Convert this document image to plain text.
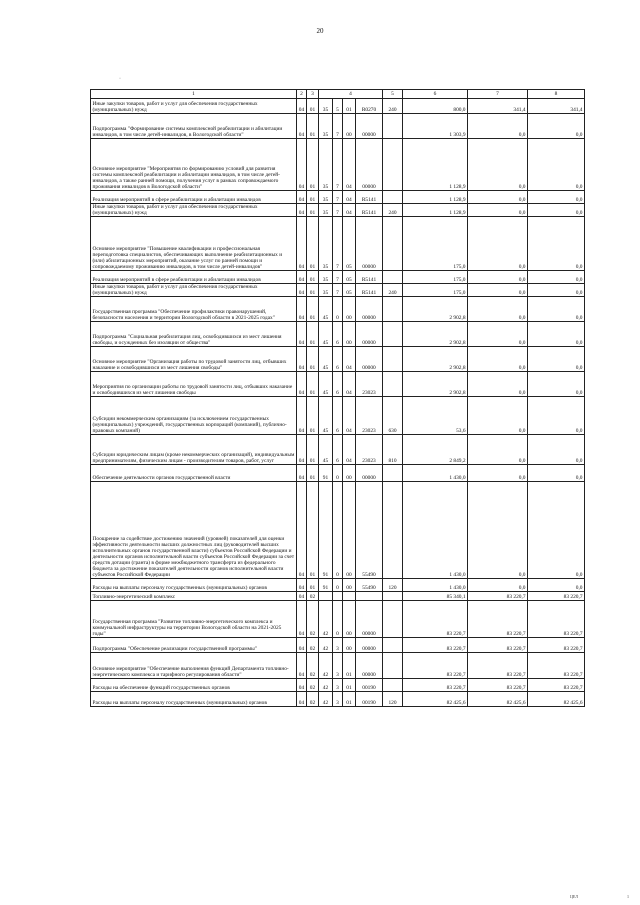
20
·
1	2	3	4				5	6	7	8
Иные закупки товаров, работ и услуг для обеспечения государственных (муниципальных) нужд	04	01	35	5	01	R0270	240	800,0	341,4	341,4
Подпрограмма "Формирование системы комплексной реабилитации и абилитации инвалидов, в том числе детей-инвалидов, в Вологодской области"	04	01	35	7	00	00000		1 303,9	0,0	0,0
Основное мероприятие "Мероприятия по формированию условий для развития системы комплексной реабилитации и абилитации инвалидов, в том числе детей-инвалидов, а также ранней помощи, получения услуг в рамках сопровождаемого проживания инвалидов в Вологодской области"	04	01	35	7	04	00000		1 128,9	0,0	0,0
Реализация мероприятий в сфере реабилитации и абилитации инвалидов	04	01	35	7	04	R5141		1 128,9	0,0	0,0
Иные закупки товаров, работ и услуг для обеспечения государственных (муниципальных) нужд	04	01	35	7	04	R5141	240	1 128,9	0,0	0,0
Основное мероприятие "Повышение квалификации и профессиональная переподготовка специалистов, обеспечивающих выполнение реабилитационных и (или) абилитационных мероприятий, оказание услуг по ранней помощи и сопровождаемому проживанию инвалидов, в том числе детей-инвалидов"	04	01	35	7	05	00000		175,0	0,0	0,0
Реализация мероприятий в сфере реабилитации и абилитации инвалидов	04	01	35	7	05	R5141		175,0	0,0	0,0
Иные закупки товаров, работ и услуг для обеспечения государственных (муниципальных) нужд	04	01	35	7	05	R5141	240	175,0	0,0	0,0
Государственная программа "Обеспечение профилактики правонарушений, безопасности населения и территории Вологодской области в 2021-2025 годах"	04	01	45	0	00	00000		2 902,8	0,0	0,0
Подпрограмма "Социальная реабилитация лиц, освободившихся из мест лишения свободы, и осужденных без изоляции от общества"	04	01	45	6	00	00000		2 902,8	0,0	0,0
Основное мероприятие "Организация работы по трудовой занятости лиц, отбывших наказание и освободившихся из мест лишения свободы"	04	01	45	6	04	00000		2 902,8	0,0	0,0
Мероприятия по организации работы по трудовой занятости лиц, отбывших наказание и освободившихся из мест лишения свободы	04	01	45	6	04	23023		2 902,8	0,0	0,0
Субсидии некоммерческим организациям (за исключением государственных (муниципальных) учреждений, государственных корпораций (компаний), публично-правовых компаний)	04	01	45	6	04	23023	630	53,6	0,0	0,0
Субсидии юридическим лицам (кроме некоммерческих организаций), индивидуальным предпринимателям, физическим лицам - производителям товаров, работ, услуг	04	01	45	6	04	23023	810	2 849,2	0,0	0,0
Обеспечение деятельности органов государственной власти	04	01	91	0	00	00000		1 430,0	0,0	0,0
Поощрение за содействие достижению значений (уровней) показателей для оценки эффективности деятельности высших должностных лиц (руководителей высших исполнительных органов государственной власти) субъектов Российской Федерации и деятельности органов исполнительной власти субъектов Российской Федерации за счет средств дотации (гранта) в форме межбюджетного трансферта из федерального бюджета за достижение показателей деятельности органов исполнительной власти субъектов Российской Федерации	04	01	91	0	00	55490		1 430,0	0,0	0,0
Расходы на выплаты персоналу государственных (муниципальных) органов	04	01	91	0	00	55490	120	1 430,0	0,0	0,0
Топливно-энергетический комплекс	04	02						85 340,1	83 220,7	83 220,7
Государственная программа "Развитие топливно-энергетического комплекса и коммунальной инфраструктуры на территории Вологодской области на 2021-2025 годы"	04	02	42	0	00	00000		83 220,7	83 220,7	83 220,7
Подпрограмма "Обеспечение реализации государственной программы"	04	02	42	3	00	00000		83 220,7	83 220,7	83 220,7
Основное мероприятие "Обеспечение выполнения функций Департамента топливно-энергетического комплекса и тарифного регулирования области"	04	02	42	3	01	00000		83 220,7	83 220,7	83 220,7
Расходы на обеспечение функций государственных органов	04	02	42	3	01	00190		83 220,7	83 220,7	83 220,7
Расходы на выплаты персоналу государственных (муниципальных) органов	04	02	42	3	01	00190	120	82 425,6	82 425,6	82 425,6
ЦЕЛ	1
